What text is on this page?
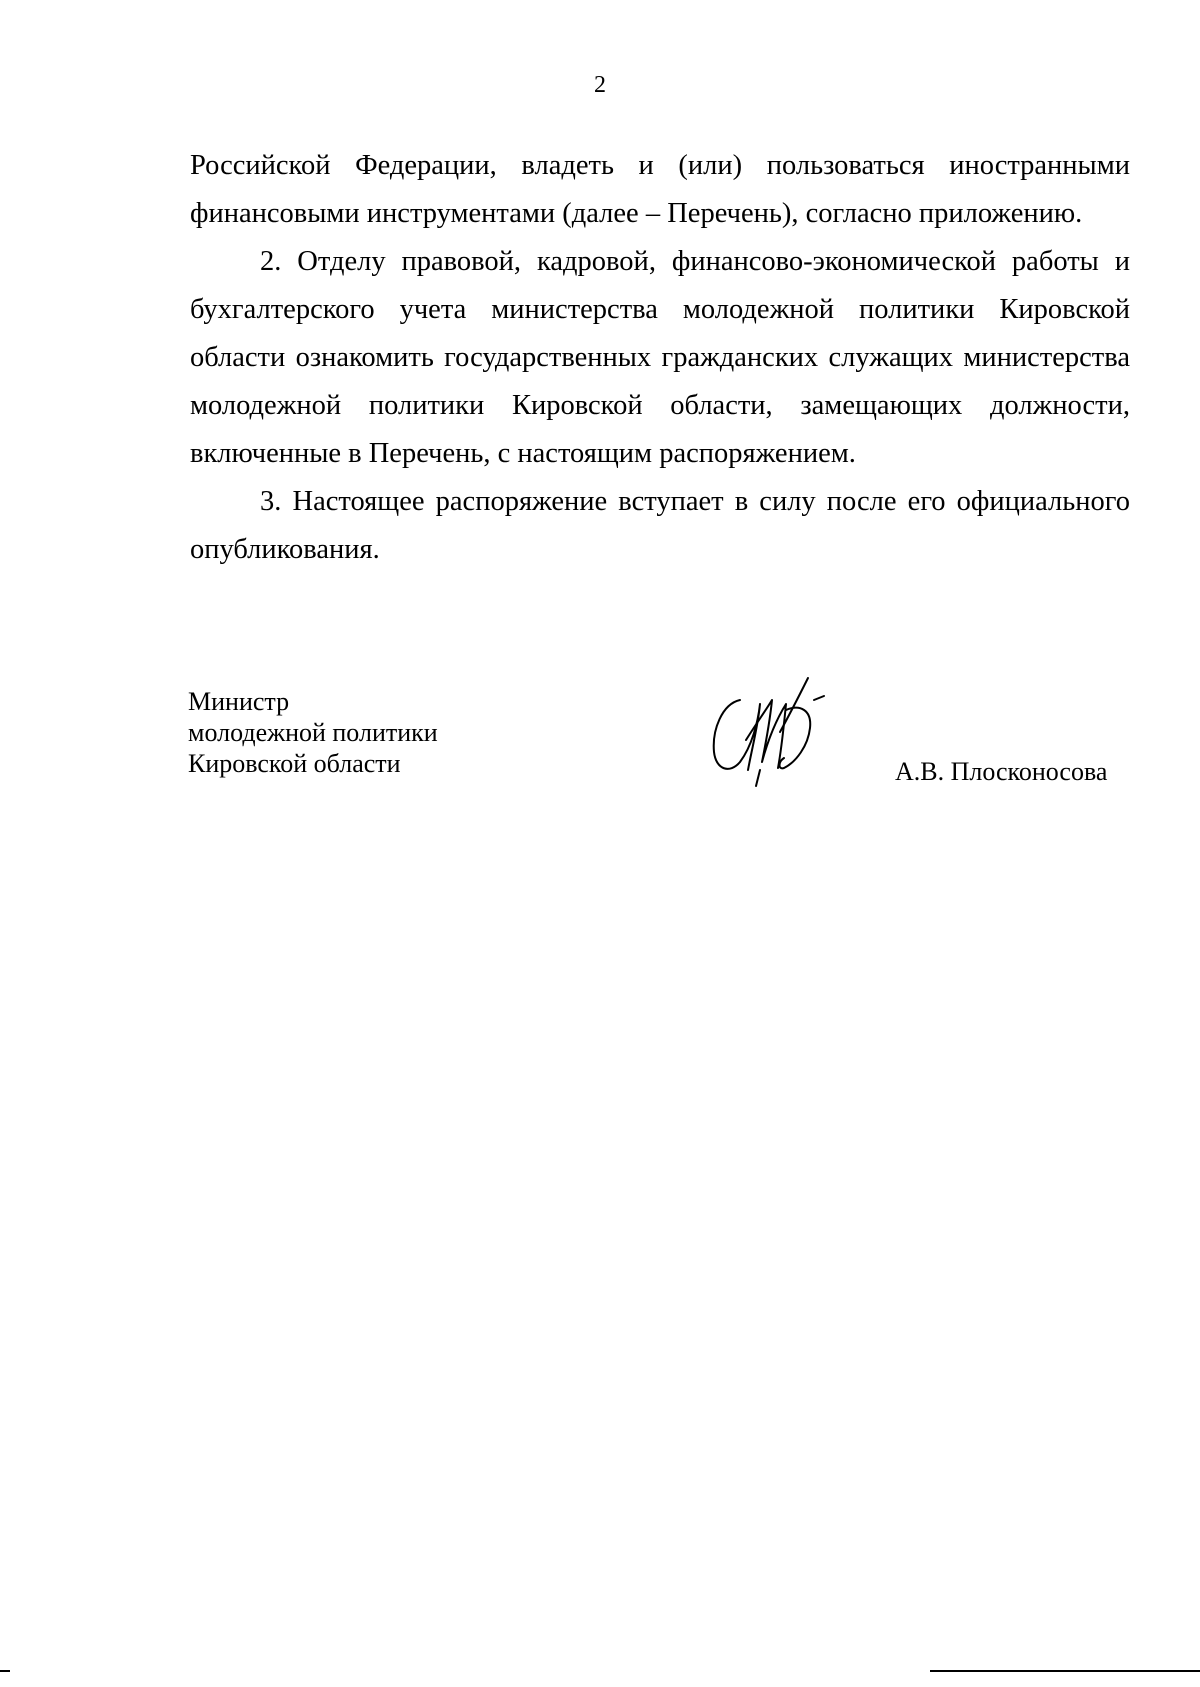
2

Российской Федерации, владеть и (или) пользоваться иностранными финансовыми инструментами (далее – Перечень), согласно приложению.

2. Отделу правовой, кадровой, финансово-экономической работы и бухгалтерского учета министерства молодежной политики Кировской области ознакомить государственных гражданских служащих министерства молодежной политики Кировской области, замещающих должности, включенные в Перечень, с настоящим распоряжением.

3. Настоящее распоряжение вступает в силу после его официального опубликования.

Министр
молодежной политики
Кировской области	А.В. Плосконосова
